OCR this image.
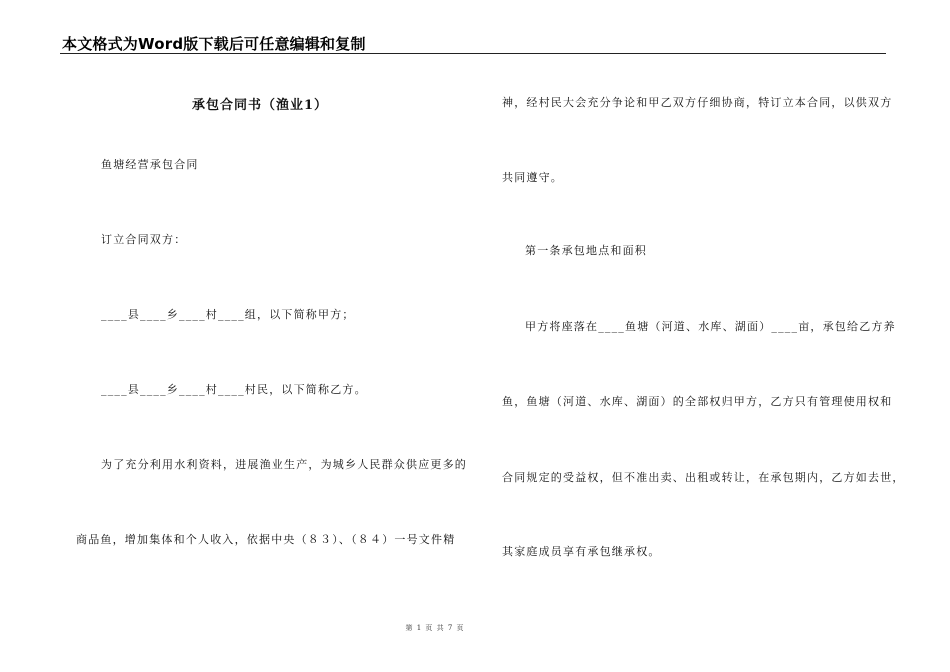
本文格式为Word版下载后可任意编辑和复制
承包合同书（渔业1）
鱼塘经营承包合同
订立合同双方：
____县____乡____村____组，以下简称甲方；
____县____乡____村____村民，以下简称乙方。
为了充分利用水利资料，进展渔业生产，为城乡人民群众供应更多的
商品鱼，增加集体和个人收入，依据中央（８３）、（８４）一号文件精
神，经村民大会充分争论和甲乙双方仔细协商，特订立本合同，以供双方
共同遵守。
第一条承包地点和面积
甲方将座落在____鱼塘（河道、水库、湖面）____亩，承包给乙方养
鱼，鱼塘（河道、水库、湖面）的全部权归甲方，乙方只有管理使用权和
合同规定的受益权，但不准出卖、出租或转让，在承包期内，乙方如去世，
其家庭成员享有承包继承权。
第 1 页 共 7 页
